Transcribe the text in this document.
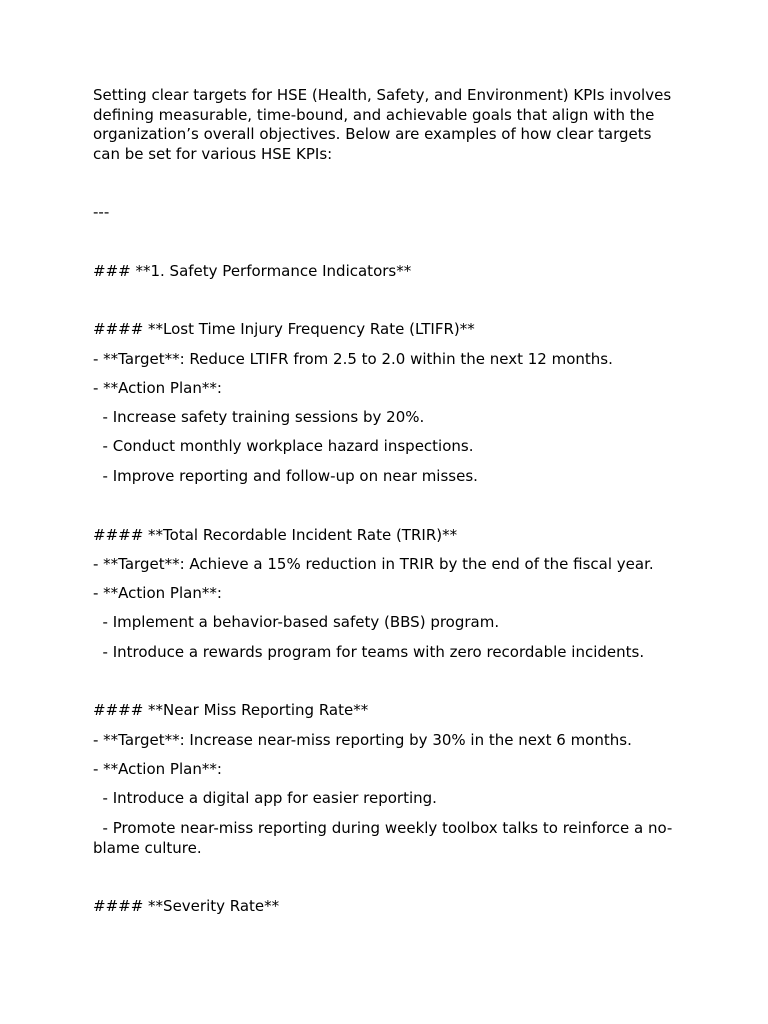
Setting clear targets for HSE (Health, Safety, and Environment) KPIs involves defining measurable, time-bound, and achievable goals that align with the organization’s overall objectives. Below are examples of how clear targets can be set for various HSE KPIs:

---

### **1. Safety Performance Indicators**

#### **Lost Time Injury Frequency Rate (LTIFR)**

- **Target**: Reduce LTIFR from 2.5 to 2.0 within the next 12 months.

- **Action Plan**:

- Increase safety training sessions by 20%.

- Conduct monthly workplace hazard inspections.

- Improve reporting and follow-up on near misses.

#### **Total Recordable Incident Rate (TRIR)**

- **Target**: Achieve a 15% reduction in TRIR by the end of the fiscal year.

- **Action Plan**:

- Implement a behavior-based safety (BBS) program.

- Introduce a rewards program for teams with zero recordable incidents.

#### **Near Miss Reporting Rate**

- **Target**: Increase near-miss reporting by 30% in the next 6 months.

- **Action Plan**:

- Introduce a digital app for easier reporting.

- Promote near-miss reporting during weekly toolbox talks to reinforce a no-blame culture.

#### **Severity Rate**
